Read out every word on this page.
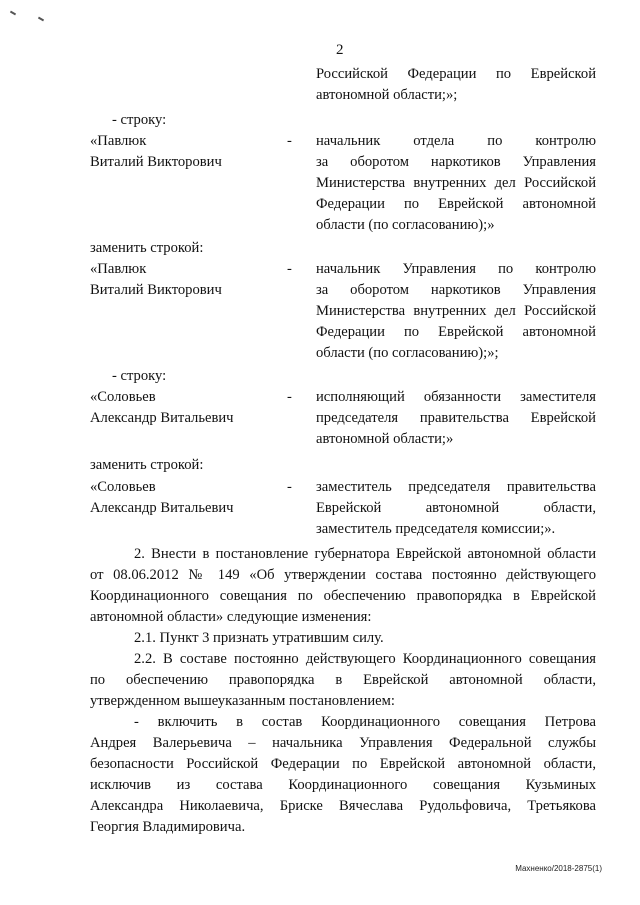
2
Российской Федерации по Еврейской
автономной области;»;
- строку:
«Павлюк
Виталий Викторович
-	начальник отдела по контролю
за оборотом наркотиков Управления
Министерства внутренних дел Российской
Федерации по Еврейской автономной
области (по согласованию);»
заменить строкой:
«Павлюк
Виталий Викторович
-	начальник Управления по контролю
за оборотом наркотиков Управления
Министерства внутренних дел Российской
Федерации по Еврейской автономной
области (по согласованию);»;
- строку:
«Соловьев
Александр Витальевич
-	исполняющий обязанности заместителя
председателя правительства Еврейской
автономной области;»
заменить строкой:
«Соловьев
Александр Витальевич
-	заместитель председателя правительства
Еврейской автономной области,
заместитель председателя комиссии;».
2. Внести в постановление губернатора Еврейской автономной области
от 08.06.2012 № 149 «Об утверждении состава постоянно действующего
Координационного совещания по обеспечению правопорядка в Еврейской
автономной области» следующие изменения:
2.1. Пункт 3 признать утратившим силу.
2.2. В составе постоянно действующего Координационного совещания
по обеспечению правопорядка в Еврейской автономной области,
утвержденном вышеуказанным постановлением:
- включить в состав Координационного совещания Петрова
Андрея Валерьевича – начальника Управления Федеральной службы
безопасности Российской Федерации по Еврейской автономной области,
исключив из состава Координационного совещания Кузьминых
Александра Николаевича, Бриске Вячеслава Рудольфовича, Третьякова
Георгия Владимировича.
Махненко/2018-2875(1)
